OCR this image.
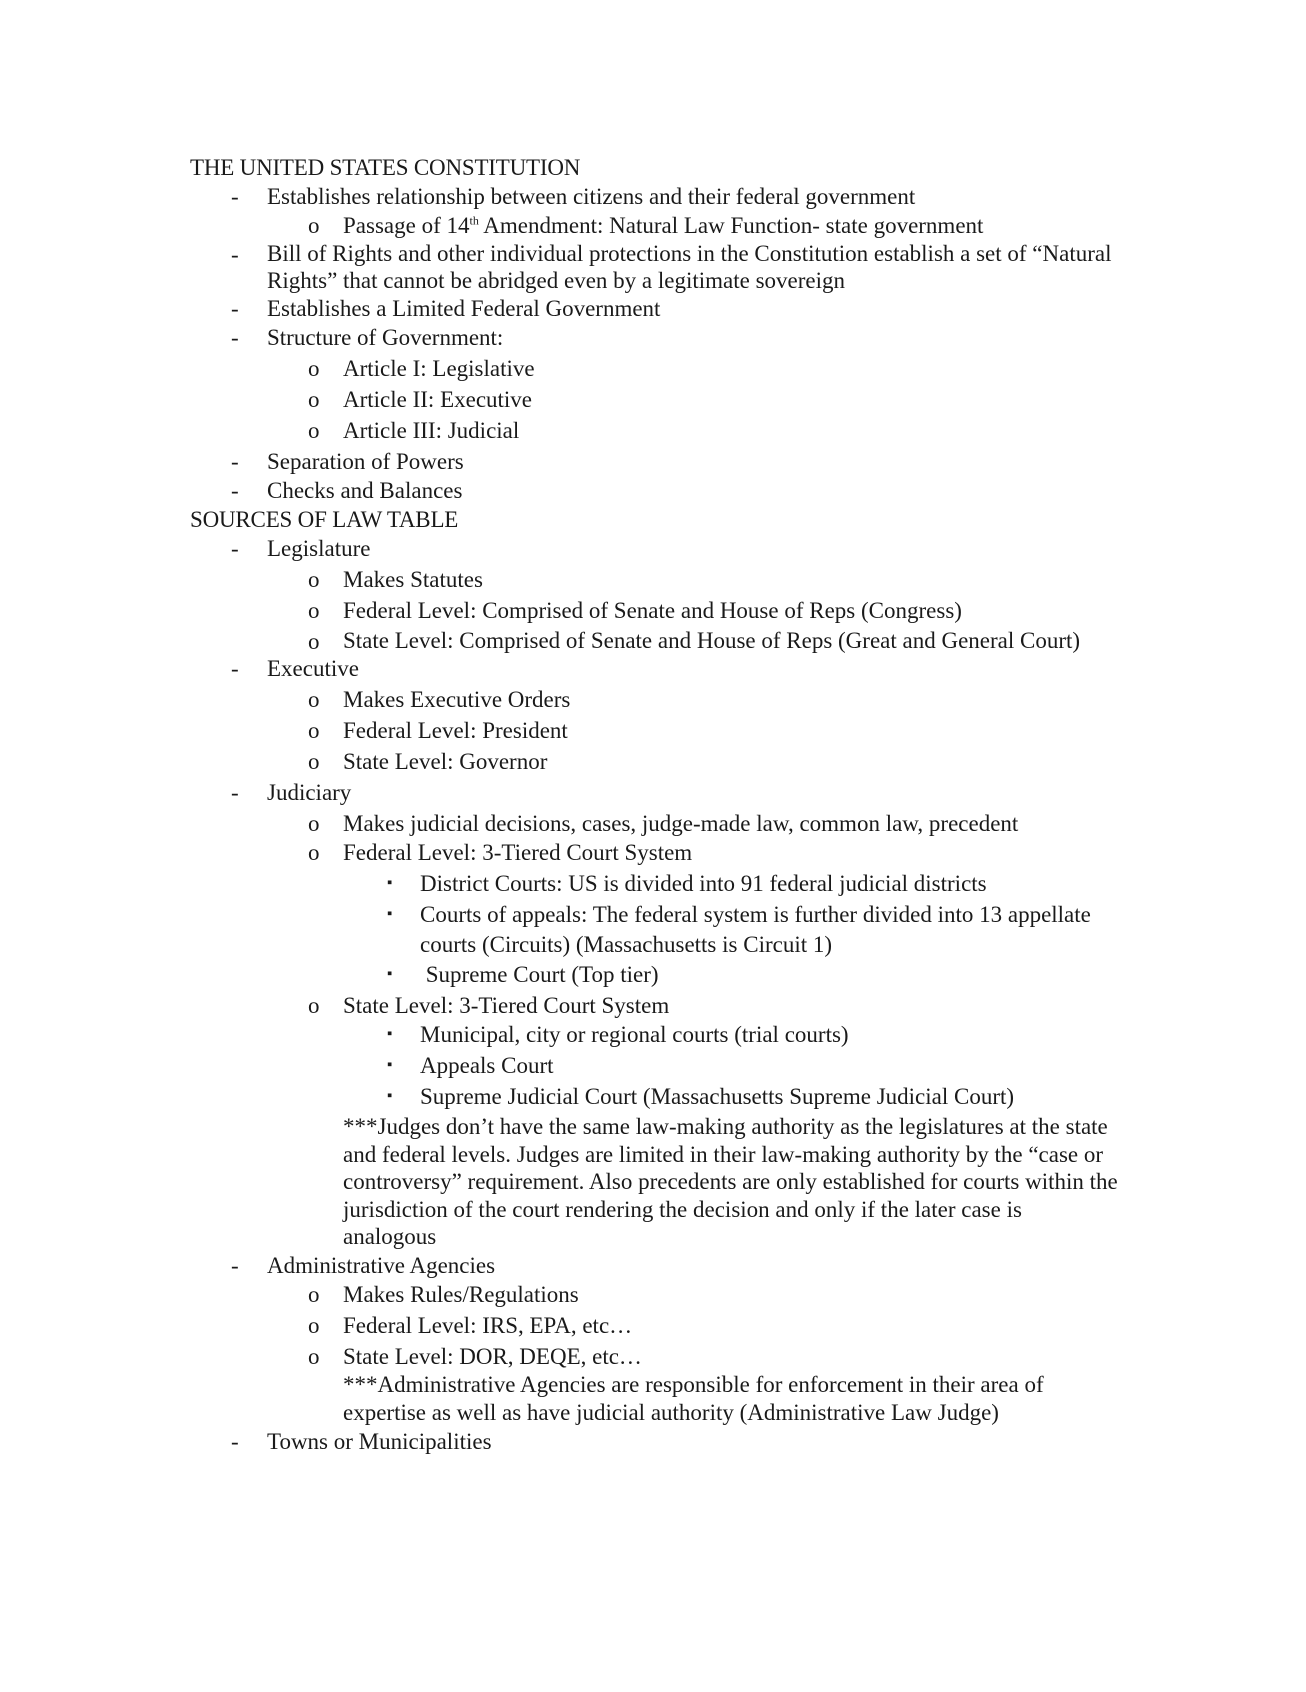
THE UNITED STATES CONSTITUTION
- Establishes relationship between citizens and their federal government
o Passage of 14th Amendment: Natural Law Function- state government
- Bill of Rights and other individual protections in the Constitution establish a set of “Natural Rights” that cannot be abridged even by a legitimate sovereign
- Establishes a Limited Federal Government
- Structure of Government:
o Article I: Legislative
o Article II: Executive
o Article III: Judicial
- Separation of Powers
- Checks and Balances
SOURCES OF LAW TABLE
- Legislature
o Makes Statutes
o Federal Level: Comprised of Senate and House of Reps (Congress)
o State Level: Comprised of Senate and House of Reps (Great and General Court)
- Executive
o Makes Executive Orders
o Federal Level: President
o State Level: Governor
- Judiciary
o Makes judicial decisions, cases, judge-made law, common law, precedent
o Federal Level: 3-Tiered Court System
▪ District Courts: US is divided into 91 federal judicial districts
▪ Courts of appeals: The federal system is further divided into 13 appellate courts (Circuits) (Massachusetts is Circuit 1)
▪ Supreme Court (Top tier)
o State Level: 3-Tiered Court System
▪ Municipal, city or regional courts (trial courts)
▪ Appeals Court
▪ Supreme Judicial Court (Massachusetts Supreme Judicial Court)
***Judges don’t have the same law-making authority as the legislatures at the state and federal levels. Judges are limited in their law-making authority by the “case or controversy” requirement. Also precedents are only established for courts within the jurisdiction of the court rendering the decision and only if the later case is analogous
- Administrative Agencies
o Makes Rules/Regulations
o Federal Level: IRS, EPA, etc…
o State Level: DOR, DEQE, etc…
***Administrative Agencies are responsible for enforcement in their area of expertise as well as have judicial authority (Administrative Law Judge)
- Towns or Municipalities
